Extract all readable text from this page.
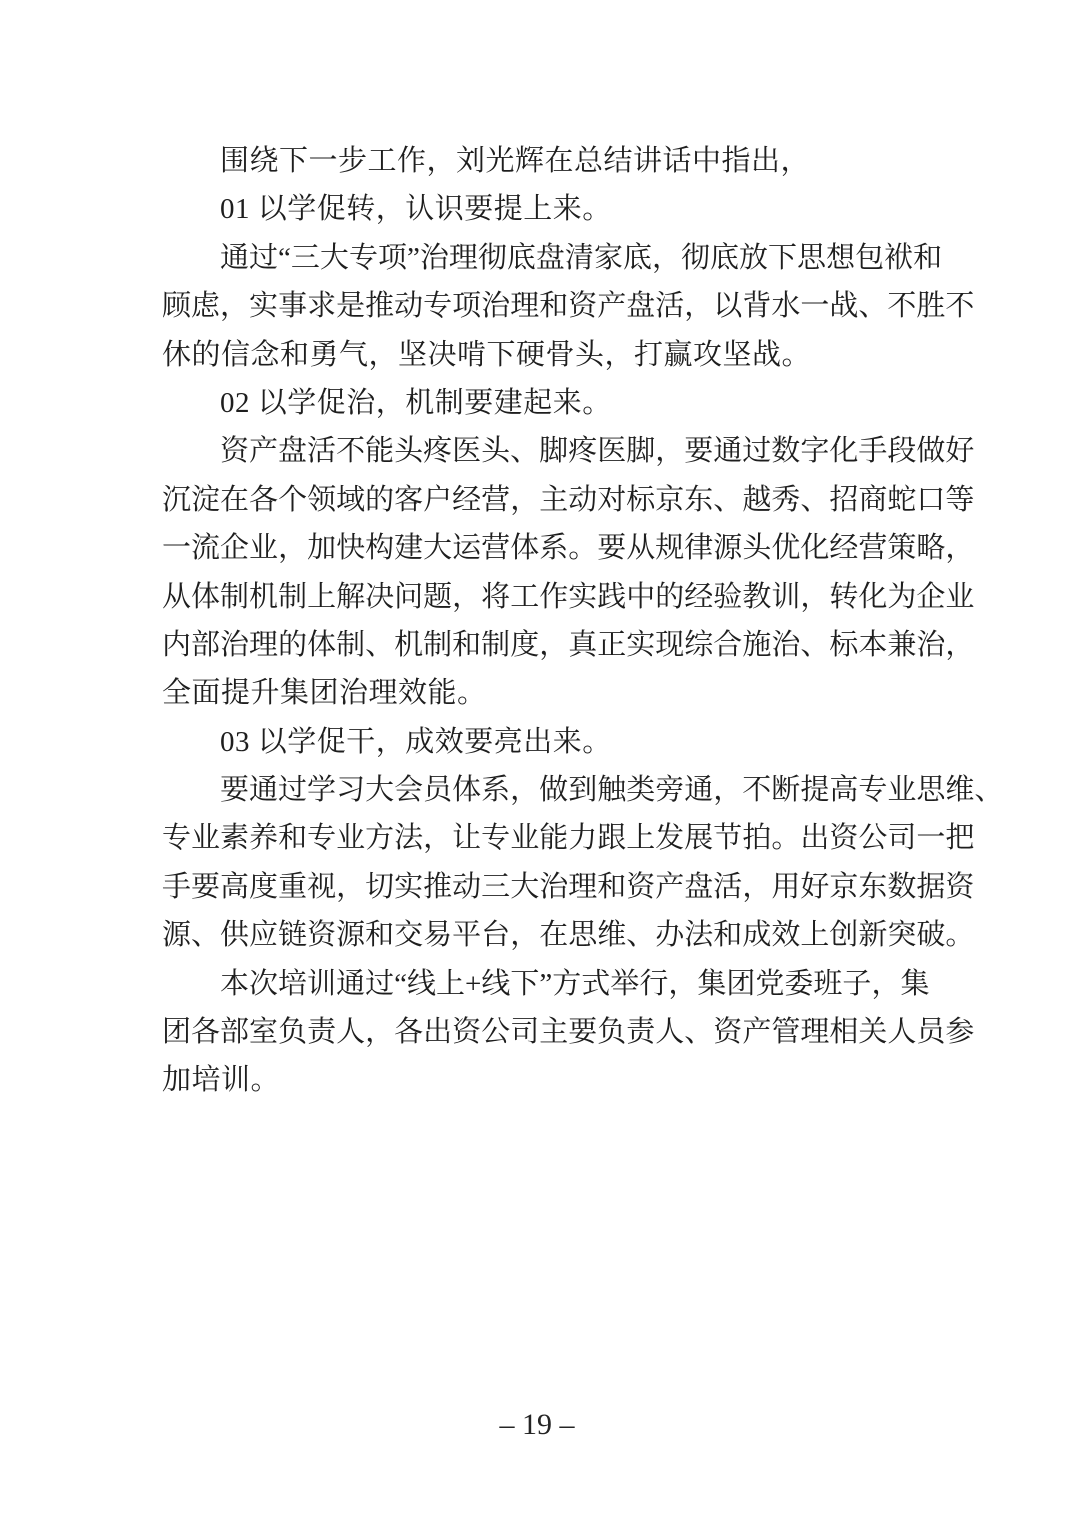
围绕下一步工作，刘光辉在总结讲话中指出，
01 以学促转，认识要提上来。
通 过 “ 三 大 专 项 ” 治 理 彻 底 盘 清 家 底 ， 彻 底 放 下 思 想 包 袱 和
顾 虑 ， 实 事 求 是 推 动 专 项 治 理 和 资 产 盘 活 ， 以 背 水 一 战 、 不 胜 不
休的信念和勇气，坚决啃下硬骨头，打赢攻坚战。
02 以学促治，机制要建起来。
资 产 盘 活 不 能 头 疼 医 头 、 脚 疼 医 脚 ， 要 通 过 数 字 化 手 段 做 好
沉 淀 在 各 个 领 域 的 客 户 经 营 ， 主 动 对 标 京 东 、 越 秀 、 招 商 蛇 口 等
一 流 企 业 ， 加 快 构 建 大 运 营 体 系 。 要 从 规 律 源 头 优 化 经 营 策 略 ，
从 体 制 机 制 上 解 决 问 题 ， 将 工 作 实 践 中 的 经 验 教 训 ， 转 化 为 企 业
内 部 治 理 的 体 制 、 机 制 和 制 度 ， 真 正 实 现 综 合 施 治 、 标 本 兼 治 ，
全面提升集团治理效能。
03 以学促干，成效要亮出来。
要 通 过 学 习 大 会 员 体 系 ， 做 到 触 类 旁 通 ， 不 断 提 高 专 业 思 维 、
专 业 素 养 和 专 业 方 法 ， 让 专 业 能 力 跟 上 发 展 节 拍 。 出 资 公 司 一 把
手 要 高 度 重 视 ， 切 实 推 动 三 大 治 理 和 资 产 盘 活 ， 用 好 京 东 数 据 资
源 、 供 应 链 资 源 和 交 易 平 台 ， 在 思 维 、 办 法 和 成 效 上 创 新 突 破 。
本 次 培 训 通 过 “ 线 上 + 线 下 ” 方 式 举 行 ， 集 团 党 委 班 子 ， 集
团 各 部 室 负 责 人 ， 各 出 资 公 司 主 要 负 责 人 、 资 产 管 理 相 关 人 员 参
加培训。
– 19 –
